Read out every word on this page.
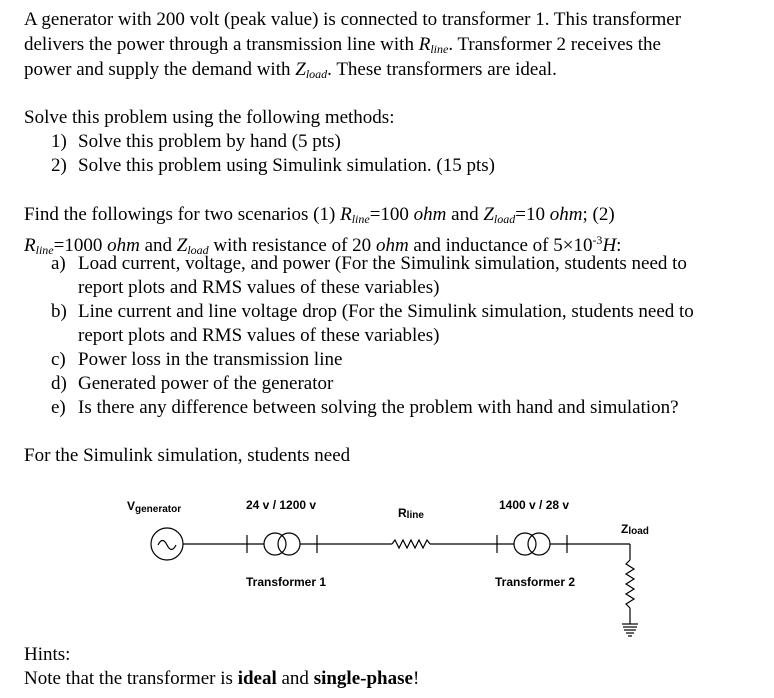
A generator with 200 volt (peak value) is connected to transformer 1. This transformer
delivers the power through a transmission line with $R_{line}$. Transformer 2 receives the
power and supply the demand with $Z_{load}$. These transformers are ideal.
Solve this problem using the following methods:
1) Solve this problem by hand (5 pts)
2) Solve this problem using Simulink simulation. (15 pts)
Find the followings for two scenarios (1) $R_{line}=100$ ohm and $Z_{load}=10$ ohm; (2)
$R_{line}=1000$ ohm and $Z_{load}$ with resistance of 20 ohm and inductance of $5\times 10^{-3}H$:
a) Load current, voltage, and power (For the Simulink simulation, students need to
report plots and RMS values of these variables)
b) Line current and line voltage drop (For the Simulink simulation, students need to
report plots and RMS values of these variables)
c) Power loss in the transmission line
d) Generated power of the generator
e) Is there any difference between solving the problem with hand and simulation?
For the Simulink simulation, students need
Vgenerator	24 v / 1200 v
Rline
1400 v / 28 v
Zload
Transformer 1	Transformer 2
Hints:
Note that the transformer is ideal and single-phase!
